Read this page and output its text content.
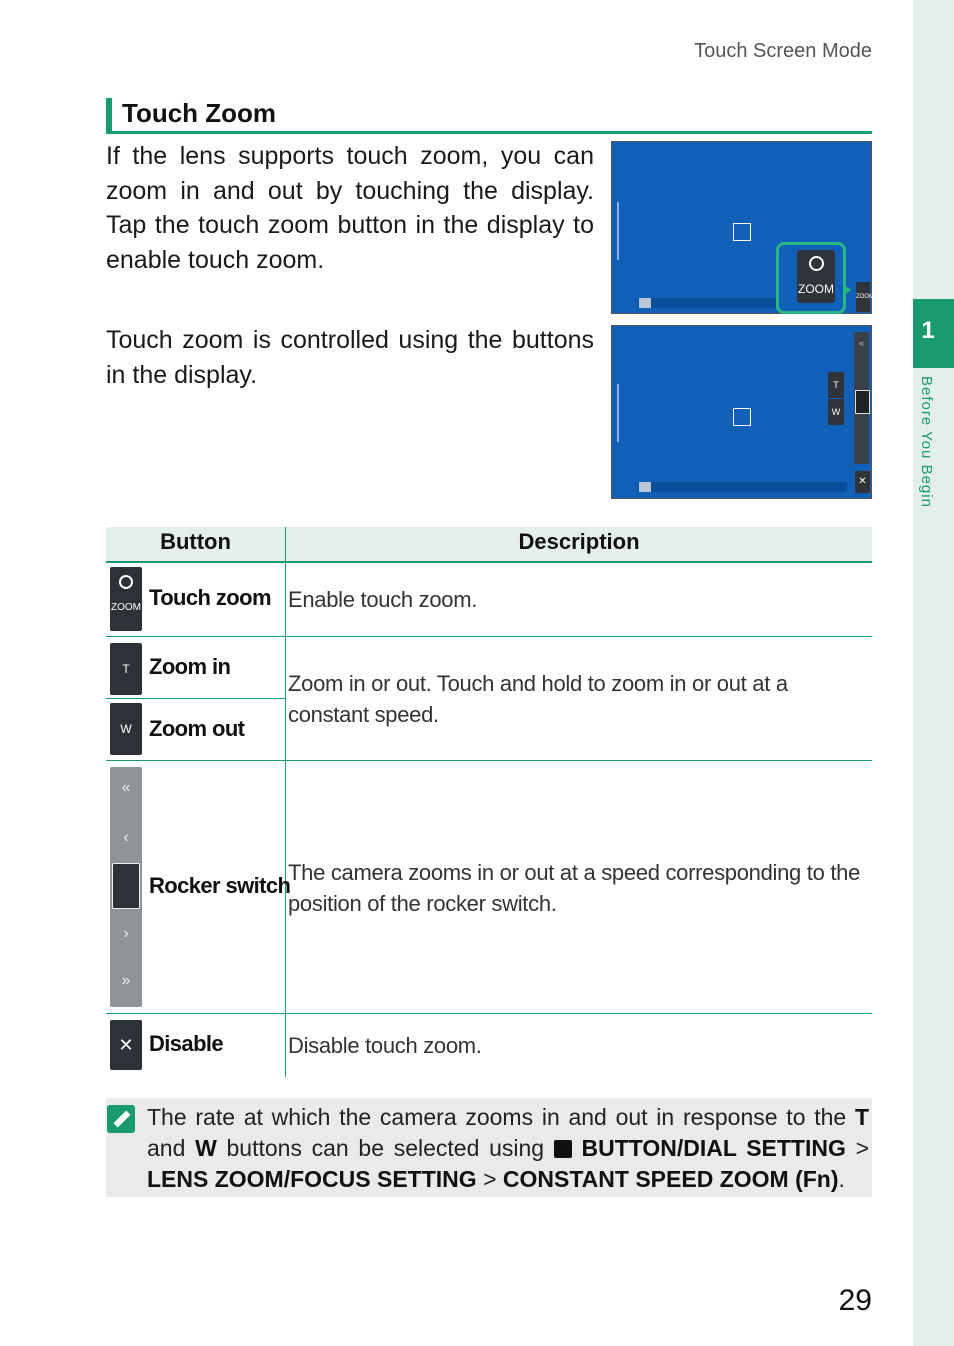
Touch Screen Mode
Touch Zoom
If the lens supports touch zoom, you can zoom in and out by touching the display. Tap the touch zoom button in the display to enable touch zoom.
Touch zoom is controlled using the buttons in the display.
1
Before You Begin
ZOOM
ZOOM
T
W
«
✕
Button	Description
ZOOM Touch zoom Enable touch zoom.
T Zoom in
W Zoom out
Zoom in or out. Touch and hold to zoom in or out at a constant speed.
«
‹
›
»
Rocker switch
The camera zooms in or out at a speed corresponding to the position of the rocker switch.
✕ Disable	Disable touch zoom.
The rate at which the camera zooms in and out in response to the T and W buttons can be selected using BUTTON/DIAL SETTING > LENS ZOOM/FOCUS SETTING > CONSTANT SPEED ZOOM (Fn).
29
